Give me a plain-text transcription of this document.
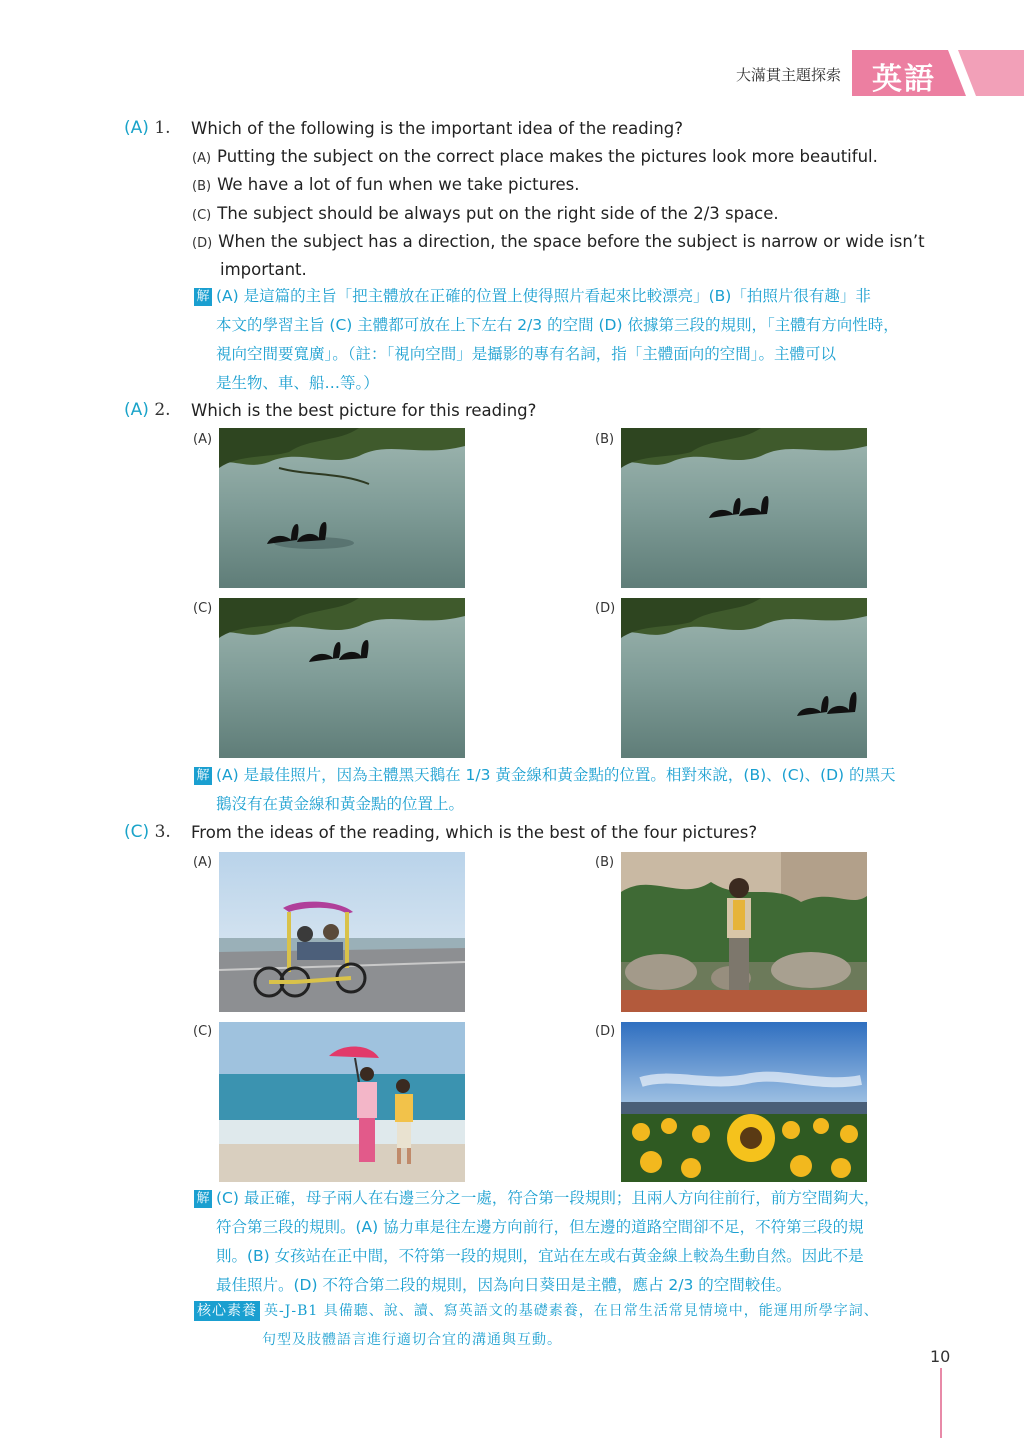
大滿貫主題探索 英語
(A) 1. Which of the following is the important idea of the reading?
(A) Putting the subject on the correct place makes the pictures look more beautiful.
(B) We have a lot of fun when we take pictures.
(C) The subject should be always put on the right side of the 2/3 space.
(D) When the subject has a direction, the space before the subject is narrow or wide isn’t
important.
解 (A) 是這篇的主旨「把主體放在正確的位置上使得照片看起來比較漂亮」(B)「拍照片很有趣」非
本文的學習主旨 (C) 主體都可放在上下左右 2/3 的空間 (D) 依據第三段的規則，「主體有方向性時，
視向空間要寬廣」。（註：「視向空間」是攝影的專有名詞，指「主體面向的空間」。主體可以
是生物、車、船…等。）
(A) 2. Which is the best picture for this reading?
(A)	(B)
(C)	(D)
解 (A) 是最佳照片，因為主體黑天鵝在 1/3 黃金線和黃金點的位置。相對來說，(B)、(C)、(D) 的黑天
鵝沒有在黃金線和黃金點的位置上。
(C) 3. From the ideas of the reading, which is the best of the four pictures?
(A)	(B)
(C)	(D)
解 (C) 最正確，母子兩人在右邊三分之一處，符合第一段規則；且兩人方向往前行，前方空間夠大，
符合第三段的規則。(A) 協力車是往左邊方向前行，但左邊的道路空間卻不足，不符第三段的規
則。(B) 女孩站在正中間，不符第一段的規則，宜站在左或右黃金線上較為生動自然。因此不是
最佳照片。(D) 不符合第二段的規則，因為向日葵田是主體，應占 2/3 的空間較佳。
核心素養 英-J-B1 具備聽、說、讀、寫英語文的基礎素養，在日常生活常見情境中，能運用所學字詞、
句型及肢體語言進行適切合宜的溝通與互動。
10
